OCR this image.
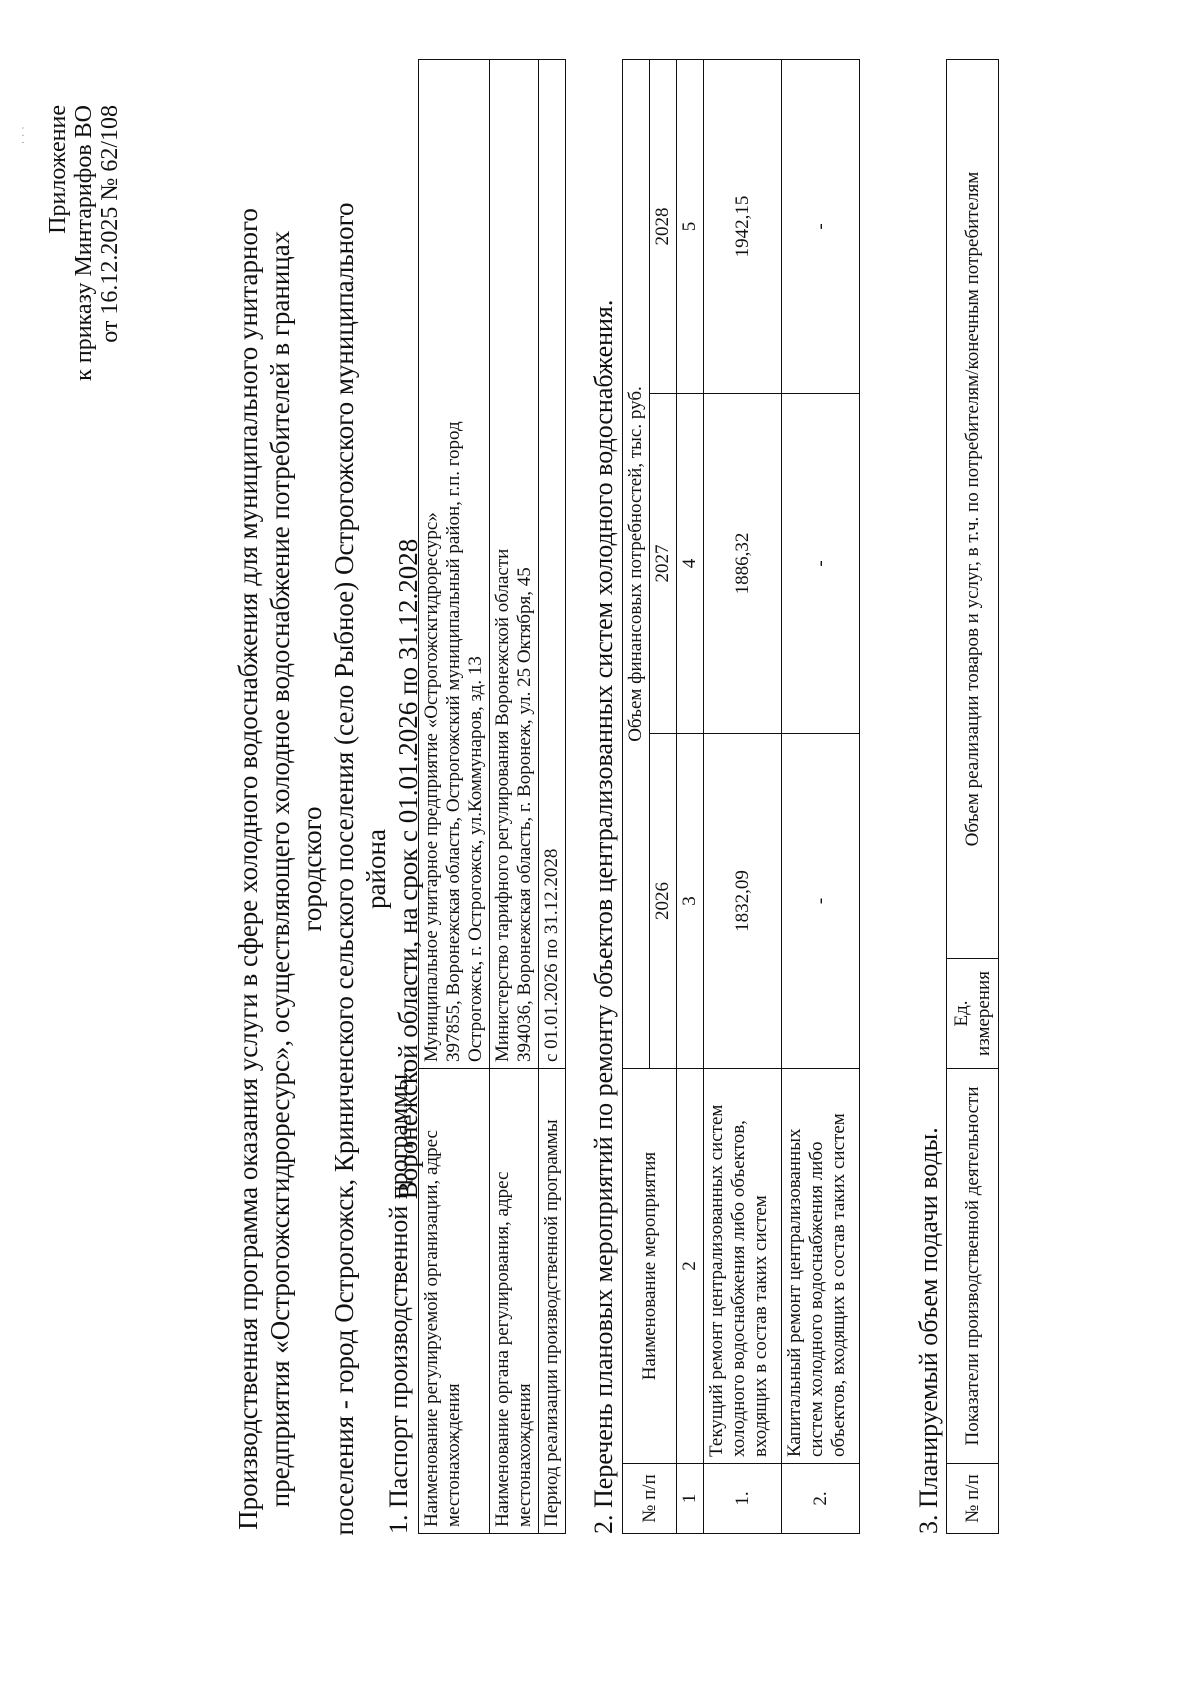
· · · Приложение к приказу Минтарифов ВО от 16.12.2025 № 62/108	Производственная программа оказания услуги в сфере холодного водоснабжения для муниципального унитарного предприятия «Острогожскгидроресурс», осуществляющего холодное водоснабжение потребителей в границах городского поселения - город Острогожск, Криниченского сельского поселения (село Рыбное) Острогожского муниципального района Воронежской области, на срок с 01.01.2026 по 31.12.2028
1. Паспорт производственной программы. Наименование регулируемой организации, адрес местонахождения	Муниципальное унитарное предприятие «Острогожскгидроресурс» 397855, Воронежская область, Острогожский муниципальный район, г.п. город Острогожск, г. Острогожск, ул.Коммунаров, зд. 13

Наименование органа регулирования, адрес местонахождения	Министерство тарифного регулирования Воронежской области 394036, Воронежская область, г. Воронеж, ул. 25 Октября, 45

Период реализации производственной программы	с 01.01.2026 по 31.12.2028 2. Перечень плановых мероприятий по ремонту объектов централизованных систем холодного водоснабжения. № п/п	Наименование мероприятия	Объем финансовых потребностей, тыс. руб.		
		2026	2027	2028
1	2	3	4	5
1.	Текущий ремонт централизованных систем холодного водоснабжения либо объектов, входящих в состав таких систем	1832,09	1886,32	1942,15
2.	Капитальный ремонт централизованных систем холодного водоснабжения либо объектов, входящих в состав таких систем	-	-	-
3. Планируемый объем подачи воды. № п/п	Показатели производственной деятельности	Ед. измерения	Объем реализации товаров и услуг, в т.ч. по потребителям/конечным потребителям
